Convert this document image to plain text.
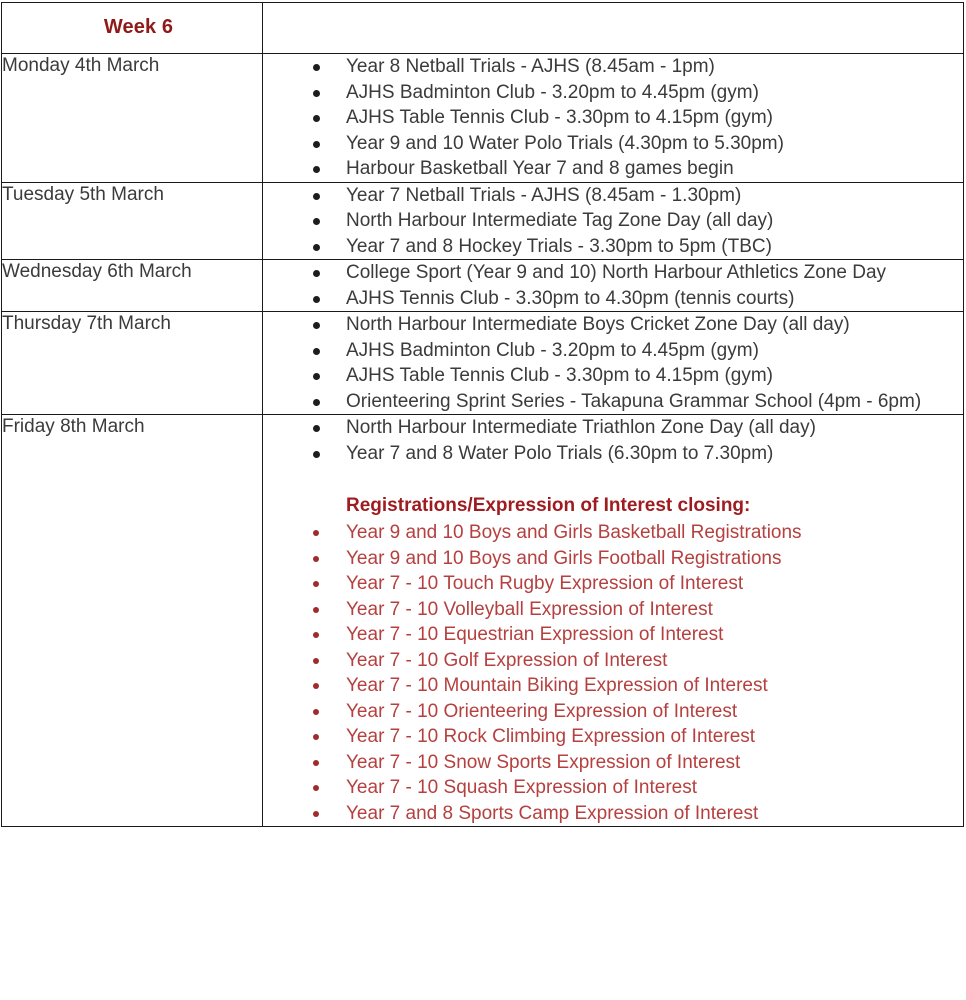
Week 6	

Monday 4th March	Year 8 Netball Trials - AJHS (8.45am - 1pm)
AJHS Badminton Club - 3.20pm to 4.45pm (gym)
AJHS Table Tennis Club - 3.30pm to 4.15pm (gym)
Year 9 and 10 Water Polo Trials (4.30pm to 5.30pm)
Harbour Basketball Year 7 and 8 games begin

Tuesday 5th March	Year 7 Netball Trials - AJHS (8.45am - 1.30pm)
North Harbour Intermediate Tag Zone Day (all day)
Year 7 and 8 Hockey Trials - 3.30pm to 5pm (TBC)

Wednesday 6th March	College Sport (Year 9 and 10) North Harbour Athletics Zone Day
AJHS Tennis Club - 3.30pm to 4.30pm (tennis courts)

Thursday 7th March	North Harbour Intermediate Boys Cricket Zone Day (all day)
AJHS Badminton Club - 3.20pm to 4.45pm (gym)
AJHS Table Tennis Club - 3.30pm to 4.15pm (gym)
Orienteering Sprint Series - Takapuna Grammar School (4pm - 6pm)

Friday 8th March	North Harbour Intermediate Triathlon Zone Day (all day)
Year 7 and 8 Water Polo Trials (6.30pm to 7.30pm)
Registrations/Expression of Interest closing:
Year 9 and 10 Boys and Girls Basketball Registrations
Year 9 and 10 Boys and Girls Football Registrations
Year 7 - 10 Touch Rugby Expression of Interest
Year 7 - 10 Volleyball Expression of Interest
Year 7 - 10 Equestrian Expression of Interest
Year 7 - 10 Golf Expression of Interest
Year 7 - 10 Mountain Biking Expression of Interest
Year 7 - 10 Orienteering Expression of Interest
Year 7 - 10 Rock Climbing Expression of Interest
Year 7 - 10 Snow Sports Expression of Interest
Year 7 - 10 Squash Expression of Interest
Year 7 and 8 Sports Camp Expression of Interest
